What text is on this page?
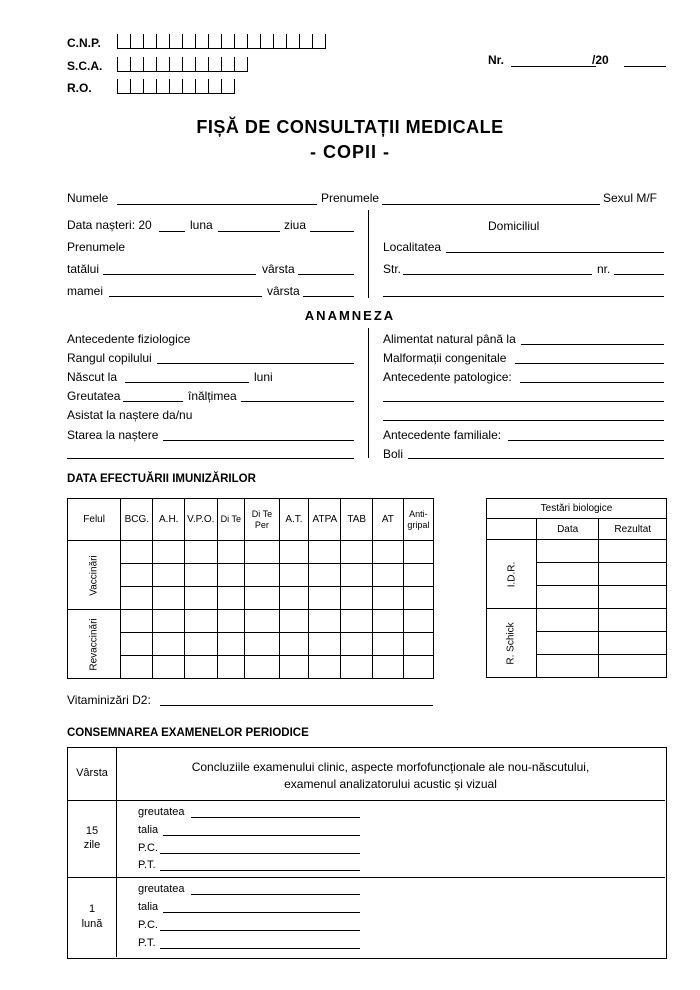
C.N.P.
S.C.A.
R.O.
Nr.	/20
FIȘĂ DE CONSULTAȚII MEDICALE
- COPII -
Numele	Prenumele	Sexul M/F
Data nașteri: 20	luna	ziua
Prenumele
tatălui	vârsta
mamei	vârsta
Domiciliul
Localitatea
Str.	nr.
ANAMNEZA
Antecedente fiziologice
Rangul copilului
Născut la	luni
Greutatea	înălțimea
Asistat la naștere da/nu
Starea la naștere
Alimentat natural până la
Malformații congenitale
Antecedente patologice:
Antecedente familiale:
Boli
DATA EFECTUĂRII IMUNIZĂRILOR
Felul	BCG.	A.H.	V.P.O.	Di Te	Di Te Per	A.T.	ATPA	TAB	AT	Anti- gripal
Vaccinări										

Revaccinări										

Testări biologice		
	Data	Rezultat
I.D.R.		

R. Schick		

Vitaminizări D2:
CONSEMNAREA EXAMENELOR PERIODICE
Vârsta	Concluziile examenului clinic, aspecte morfofuncționale ale nou-născutului,
examenul analizatorului acustic și vizual
15
zile
greutatea
talia
P.C.
P.T.
1
lună
greutatea
talia
P.C.
P.T.
